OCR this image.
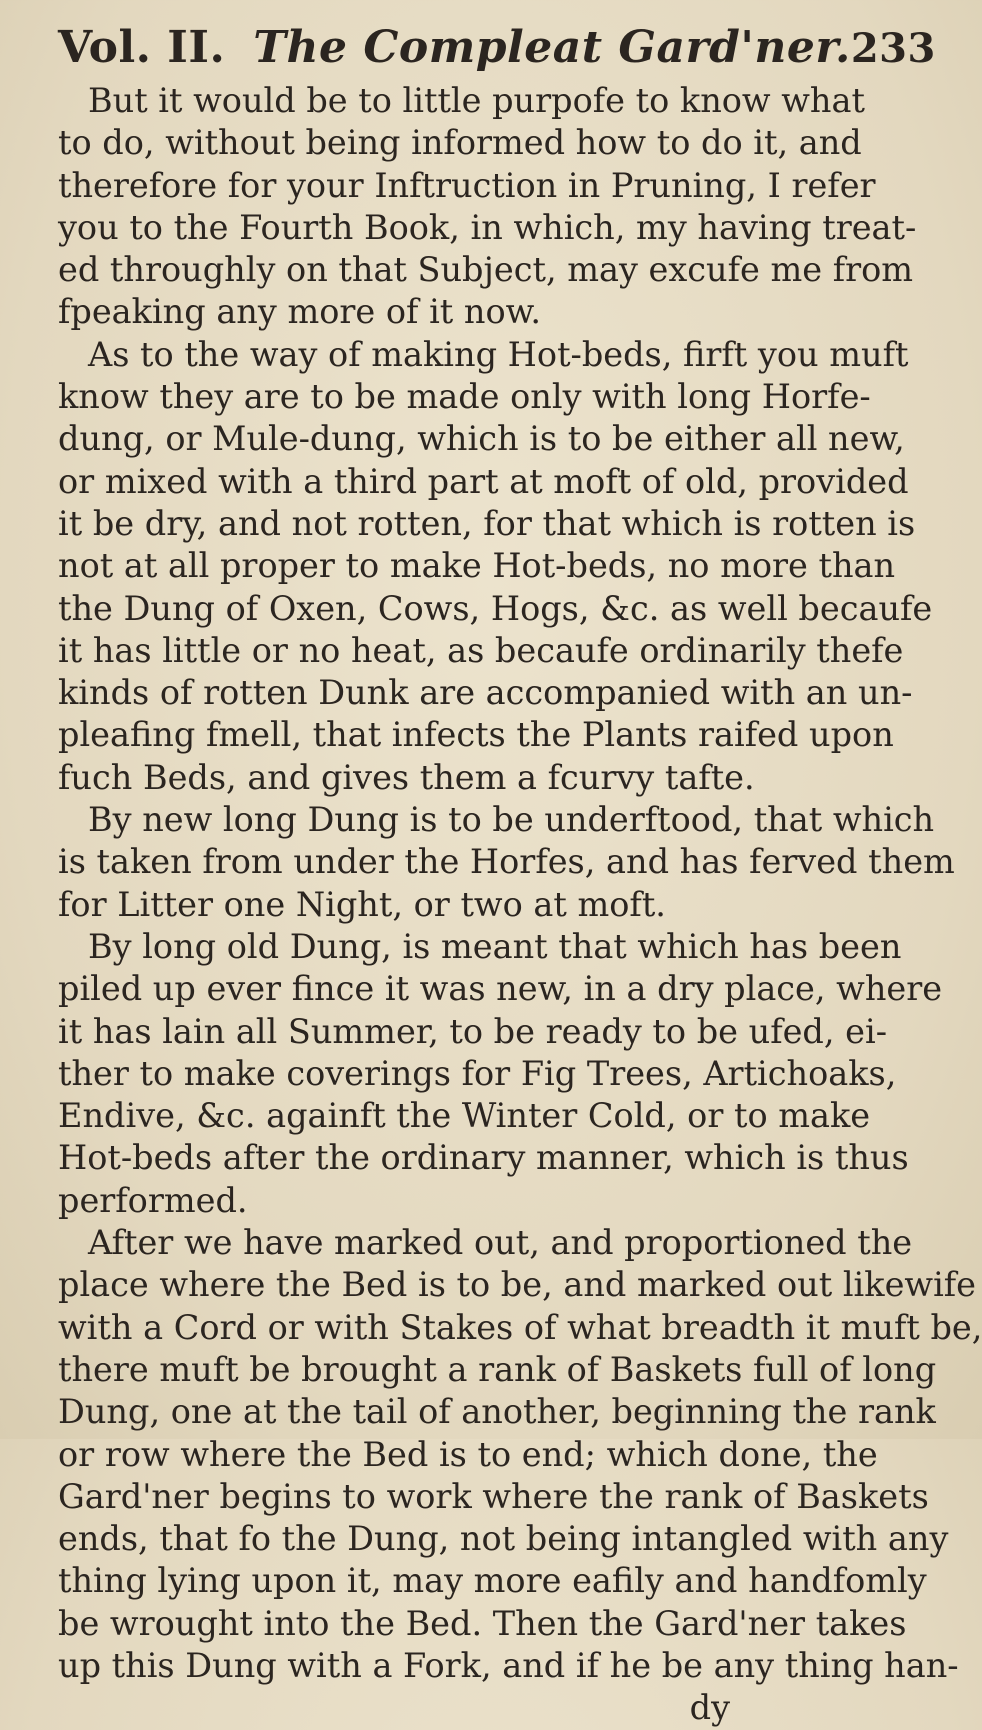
Vol. II. The Compleat Gard'ner. 233
But it would be to little purpofe to know what
to do, without being informed how to do it, and
therefore for your Inftruction in Pruning, I refer
you to the Fourth Book, in which, my having treat-
ed throughly on that Subject, may excufe me from
fpeaking any more of it now.
As to the way of making Hot-beds, firft you muft
know they are to be made only with long Horfe-
dung, or Mule-dung, which is to be either all new,
or mixed with a third part at moft of old, provided
it be dry, and not rotten, for that which is rotten is
not at all proper to make Hot-beds, no more than
the Dung of Oxen, Cows, Hogs, &c. as well becaufe
it has little or no heat, as becaufe ordinarily thefe
kinds of rotten Dunk are accompanied with an un-
pleafing fmell, that infects the Plants raifed upon
fuch Beds, and gives them a fcurvy tafte.
By new long Dung is to be underftood, that which
is taken from under the Horfes, and has ferved them
for Litter one Night, or two at moft.
By long old Dung, is meant that which has been
piled up ever fince it was new, in a dry place, where
it has lain all Summer, to be ready to be ufed, ei-
ther to make coverings for Fig Trees, Artichoaks,
Endive, &c. againft the Winter Cold, or to make
Hot-beds after the ordinary manner, which is thus
performed.
After we have marked out, and proportioned the
place where the Bed is to be, and marked out likewife
with a Cord or with Stakes of what breadth it muft be,
there muft be brought a rank of Baskets full of long
Dung, one at the tail of another, beginning the rank
or row where the Bed is to end; which done, the
Gard'ner begins to work where the rank of Baskets
ends, that fo the Dung, not being intangled with any
thing lying upon it, may more eafily and handfomly
be wrought into the Bed. Then the Gard'ner takes
up this Dung with a Fork, and if he be any thing han-
dy
